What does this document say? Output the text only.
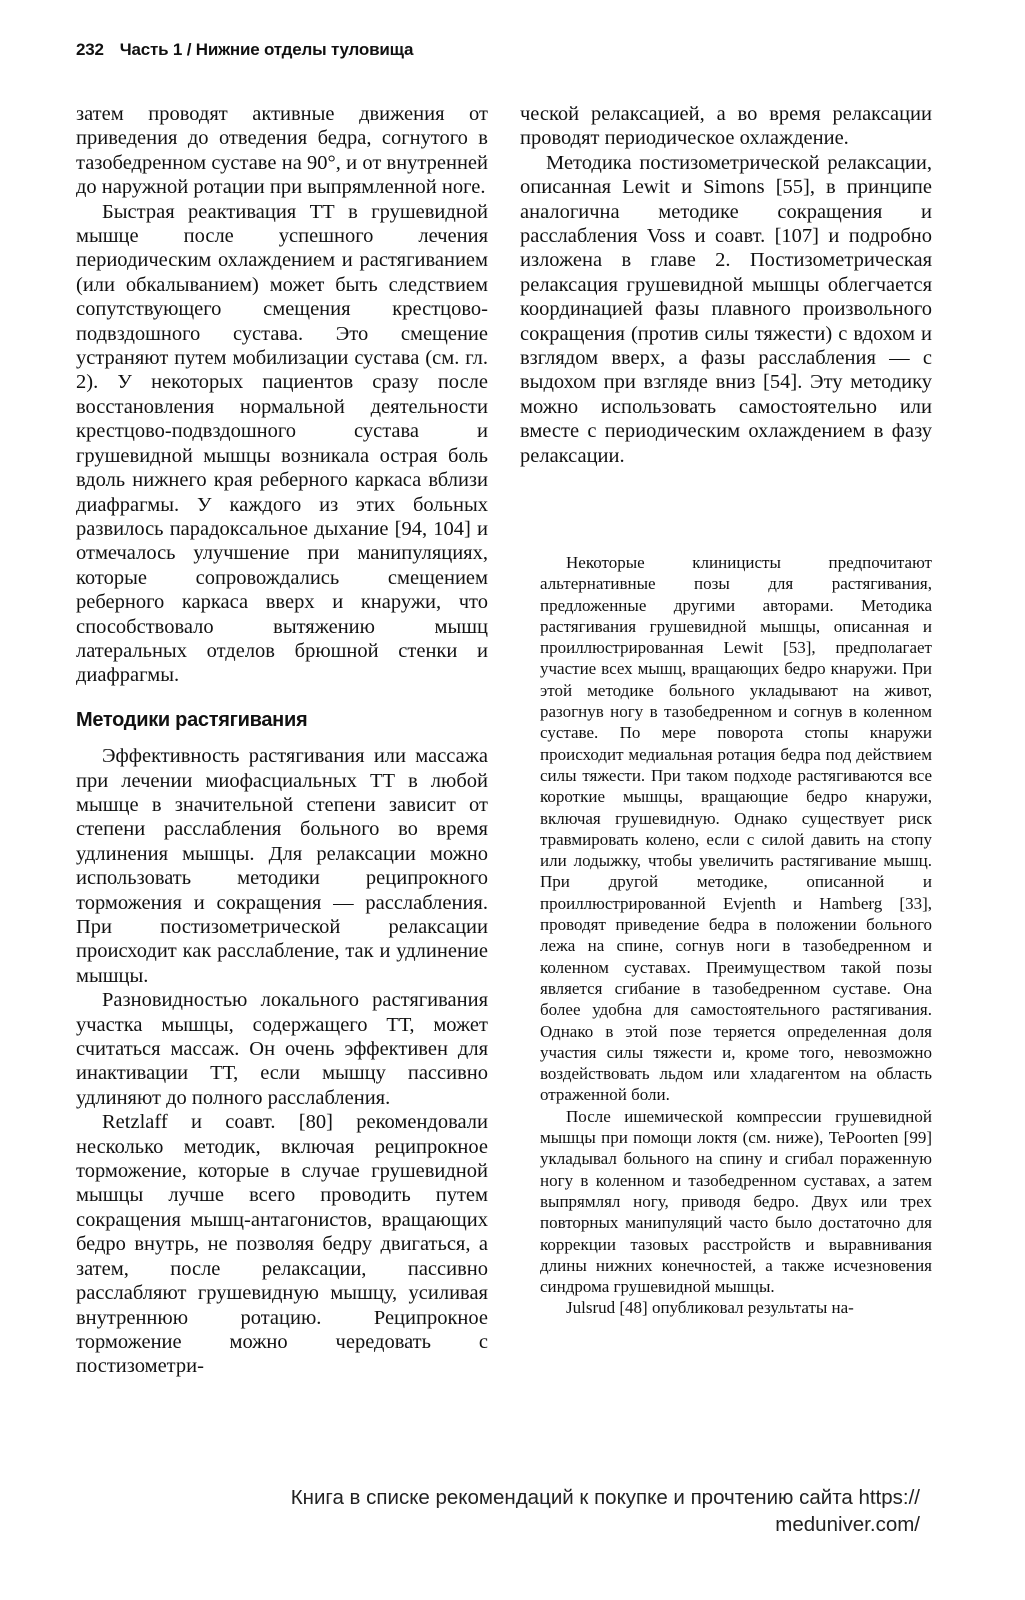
232 Часть 1 / Нижние отделы туловища

затем проводят активные движения от приведения до отведения бедра, согнутого в тазобедренном суставе на 90°, и от внутренней до наружной ротации при выпрямленной ноге.

Быстрая реактивация ТТ в грушевидной мышце после успешного лечения периодическим охлаждением и растягиванием (или обкалыванием) может быть следствием сопутствующего смещения крестцово-подвздошного сустава. Это смещение устраняют путем мобилизации сустава (см. гл. 2). У некоторых пациентов сразу после восстановления нормальной деятельности крестцово-подвздошного сустава и грушевидной мышцы возникала острая боль вдоль нижнего края реберного каркаса вблизи диафрагмы. У каждого из этих больных развилось парадоксальное дыхание [94, 104] и отмечалось улучшение при манипуляциях, которые сопровождались смещением реберного каркаса вверх и кнаружи, что способствовало вытяжению мышц латеральных отделов брюшной стенки и диафрагмы.

Методики растягивания

Эффективность растягивания или массажа при лечении миофасциальных ТТ в любой мышце в значительной степени зависит от степени расслабления больного во время удлинения мышцы. Для релаксации можно использовать методики реципрокного торможения и сокращения — расслабления. При постизометрической релаксации происходит как расслабление, так и удлинение мышцы.

Разновидностью локального растягивания участка мышцы, содержащего ТТ, может считаться массаж. Он очень эффективен для инактивации ТТ, если мышцу пассивно удлиняют до полного расслабления.

Retzlaff и соавт. [80] рекомендовали несколько методик, включая реципрокное торможение, которые в случае грушевидной мышцы лучше всего проводить путем сокращения мышц-антагонистов, вращающих бедро внутрь, не позволяя бедру двигаться, а затем, после релаксации, пассивно расслабляют грушевидную мышцу, усиливая внутреннюю ротацию. Реципрокное торможение можно чередовать с постизометри-

ческой релаксацией, а во время релаксации проводят периодическое охлаждение.

Методика постизометрической релаксации, описанная Lewit и Simons [55], в принципе аналогична методике сокращения и расслабления Voss и соавт. [107] и подробно изложена в главе 2. Постизометрическая релаксация грушевидной мышцы облегчается координацией фазы плавного произвольного сокращения (против силы тяжести) с вдохом и взглядом вверх, а фазы расслабления — с выдохом при взгляде вниз [54]. Эту методику можно использовать самостоятельно или вместе с периодическим охлаждением в фазу релаксации.

Некоторые клиницисты предпочитают альтернативные позы для растягивания, предложенные другими авторами. Методика растягивания грушевидной мышцы, описанная и проиллюстрированная Lewit [53], предполагает участие всех мышц, вращающих бедро кнаружи. При этой методике больного укладывают на живот, разогнув ногу в тазобедренном и согнув в коленном суставе. По мере поворота стопы кнаружи происходит медиальная ротация бедра под действием силы тяжести. При таком подходе растягиваются все короткие мышцы, вращающие бедро кнаружи, включая грушевидную. Однако существует риск травмировать колено, если с силой давить на стопу или лодыжку, чтобы увеличить растягивание мышц. При другой методике, описанной и проиллюстрированной Evjenth и Hamberg [33], проводят приведение бедра в положении больного лежа на спине, согнув ноги в тазобедренном и коленном суставах. Преимуществом такой позы является сгибание в тазобедренном суставе. Она более удобна для самостоятельного растягивания. Однако в этой позе теряется определенная доля участия силы тяжести и, кроме того, невозможно воздействовать льдом или хладагентом на область отраженной боли.

После ишемической компрессии грушевидной мышцы при помощи локтя (см. ниже), TePoorten [99] укладывал больного на спину и сгибал пораженную ногу в коленном и тазобедренном суставах, а затем выпрямлял ногу, приводя бедро. Двух или трех повторных манипуляций часто было достаточно для коррекции тазовых расстройств и выравнивания длины нижних конечностей, а также исчезновения синдрома грушевидной мышцы.

Julsrud [48] опубликовал результаты на-

Книга в списке рекомендаций к покупке и прочтению сайта https://
meduniver.com/
